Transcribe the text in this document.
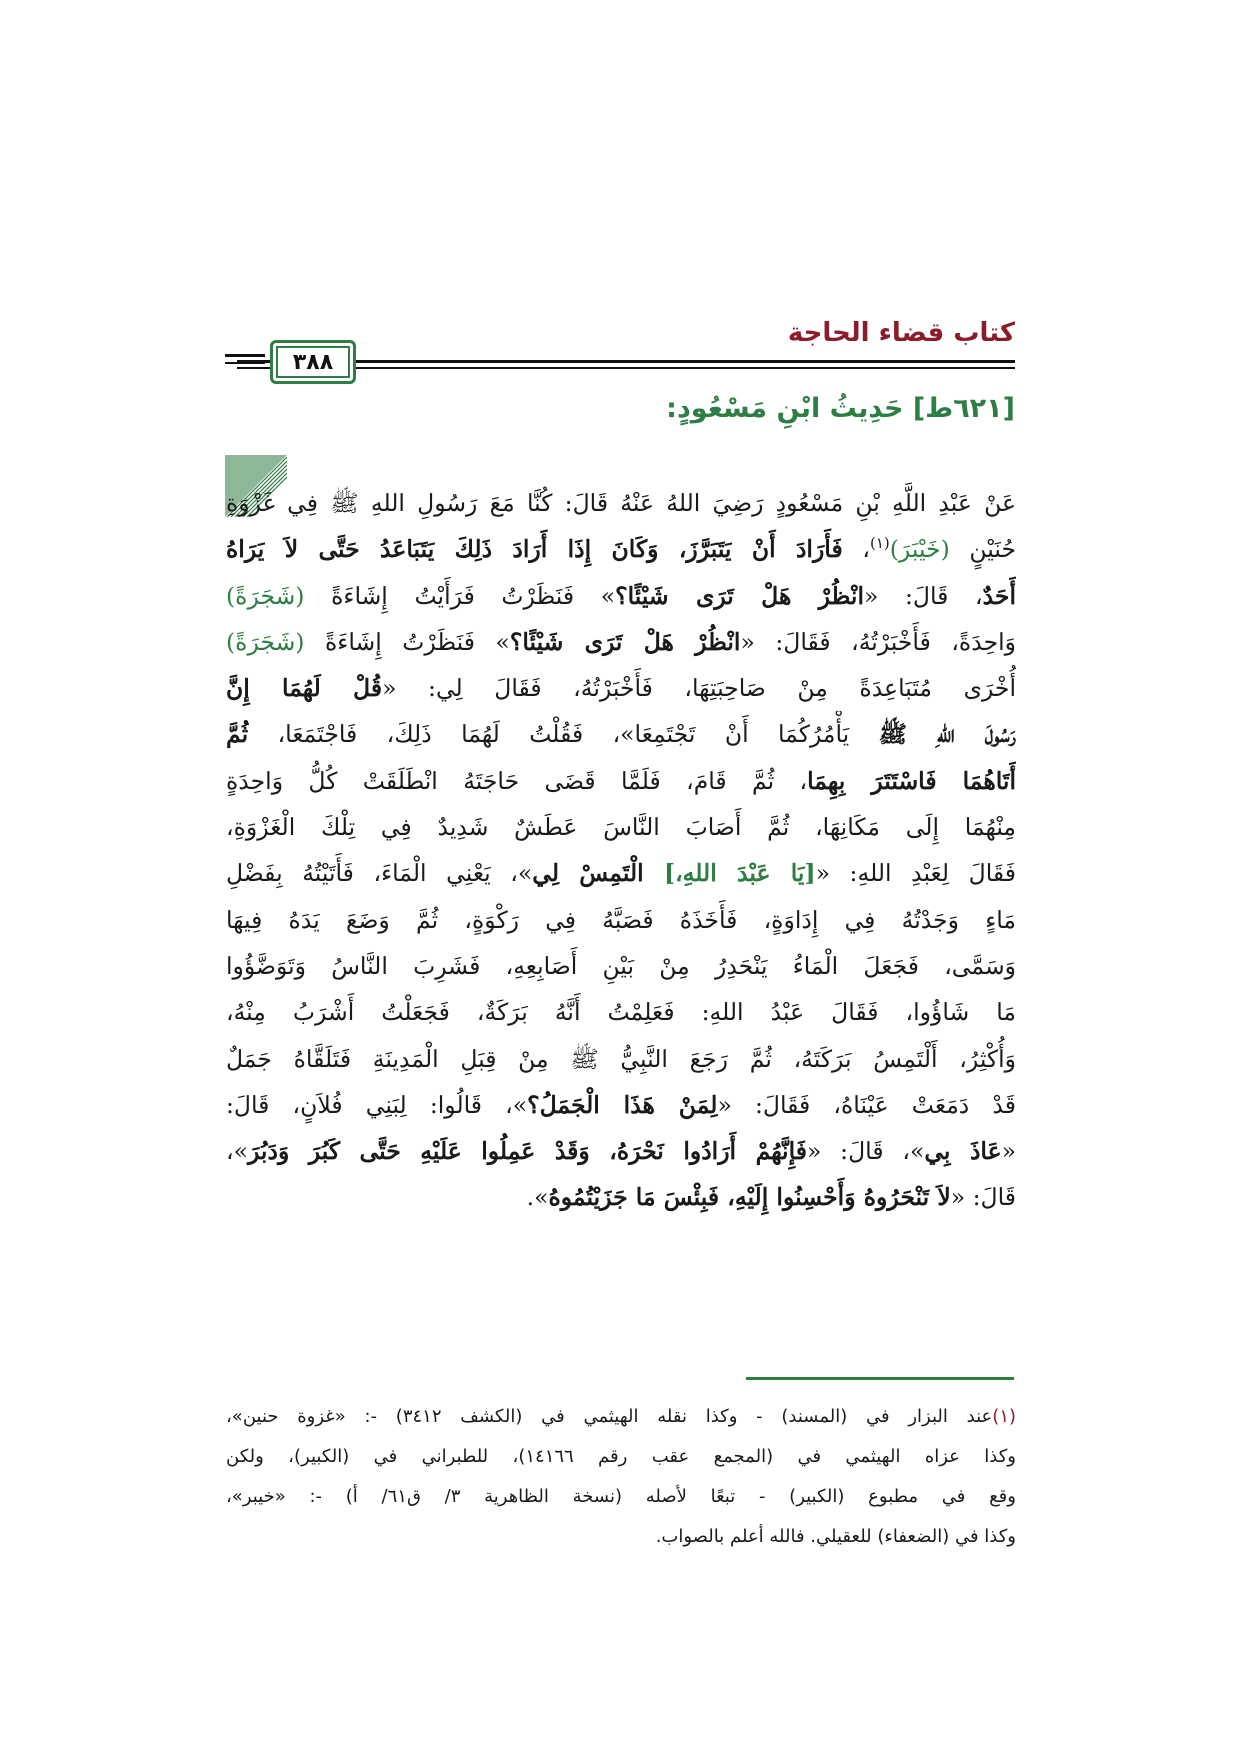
كتاب قضاء الحاجة
٣٨٨
[٦٢١ط] حَدِيثُ ابْنِ مَسْعُودٍ:
عَنْ عَبْدِ اللَّهِ بْنِ مَسْعُودٍ رَضِيَ اللهُ عَنْهُ قَالَ: كُنَّا مَعَ رَسُولِ اللهِ ﷺ فِي غَزْوَةِ
حُنَيْنٍ (خَيْبَرَ)$^{(١)}$، فَأَرَادَ أَنْ يَتَبَرَّزَ، وَكَانَ إِذَا أَرَادَ ذَلِكَ يَتَبَاعَدُ حَتَّى لاَ يَرَاهُ
أَحَدٌ، قَالَ: «انْظُرْ هَلْ تَرَى شَيْئًا؟» فَنَظَرْتُ فَرَأَيْتُ إِشَاءَةً (شَجَرَةً)
وَاحِدَةً، فَأَخْبَرْتُهُ، فَقَالَ: «انْظُرْ هَلْ تَرَى شَيْئًا؟» فَنَظَرْتُ إِشَاءَةً (شَجَرَةً)
أُخْرَى مُتَبَاعِدَةً مِنْ صَاحِبَتِهَا، فَأَخْبَرْتُهُ، فَقَالَ لِي: «قُلْ لَهُمَا إِنَّ
رَسُولَ اللهِ ﷺ يَأْمُرُكُمَا أَنْ تَجْتَمِعَا»، فَقُلْتُ لَهُمَا ذَلِكَ، فَاجْتَمَعَا، ثُمَّ
أَتَاهُمَا فَاسْتَتَرَ بِهِمَا، ثُمَّ قَامَ، فَلَمَّا قَضَى حَاجَتَهُ انْطَلَقَتْ كُلُّ وَاحِدَةٍ
مِنْهُمَا إِلَى مَكَانِهَا، ثُمَّ أَصَابَ النَّاسَ عَطَشٌ شَدِيدٌ فِي تِلْكَ الْغَزْوَةِ،
فَقَالَ لِعَبْدِ اللهِ: «[يَا عَبْدَ اللهِ،] الْتَمِسْ لِي»، يَعْنِي الْمَاءَ، فَأَتَيْتُهُ بِفَضْلِ
مَاءٍ وَجَدْتُهُ فِي إِدَاوَةٍ، فَأَخَذَهُ فَصَبَّهُ فِي رَكْوَةٍ، ثُمَّ وَضَعَ يَدَهُ فِيهَا
وَسَمَّى، فَجَعَلَ الْمَاءُ يَنْحَدِرُ مِنْ بَيْنِ أَصَابِعِهِ، فَشَرِبَ النَّاسُ وَتَوَضَّؤُوا
مَا شَاؤُوا، فَقَالَ عَبْدُ اللهِ: فَعَلِمْتُ أَنَّهُ بَرَكَةٌ، فَجَعَلْتُ أَشْرَبُ مِنْهُ،
وَأُكْثِرُ، أَلْتَمِسُ بَرَكَتَهُ، ثُمَّ رَجَعَ النَّبِيُّ ﷺ مِنْ قِبَلِ الْمَدِينَةِ فَتَلَقَّاهُ جَمَلٌ
قَدْ دَمَعَتْ عَيْنَاهُ، فَقَالَ: «لِمَنْ هَذَا الْجَمَلُ؟»، قَالُوا: لِبَنِي فُلاَنٍ، قَالَ:
«عَاذَ بِي»، قَالَ: «فَإِنَّهُمْ أَرَادُوا نَحْرَهُ، وَقَدْ عَمِلُوا عَلَيْهِ حَتَّى كَبُرَ وَدَبُرَ»،
قَالَ: «لاَ تَنْحَرُوهُ وَأَحْسِنُوا إِلَيْهِ، فَبِئْسَ مَا جَزَيْتُمُوهُ».
(١)عند البزار في (المسند) - وكذا نقله الهيثمي في (الكشف ٣٤١٢) -: «غزوة حنين»،
وكذا عزاه الهيثمي في (المجمع عقب رقم ١٤١٦٦)، للطبراني في (الكبير)، ولكن
وقع في مطبوع (الكبير) - تبعًا لأصله (نسخة الظاهرية ٣/ ق٦١/ أ) -: «خيبر»،
وكذا في (الضعفاء) للعقيلي. فالله أعلم بالصواب.
